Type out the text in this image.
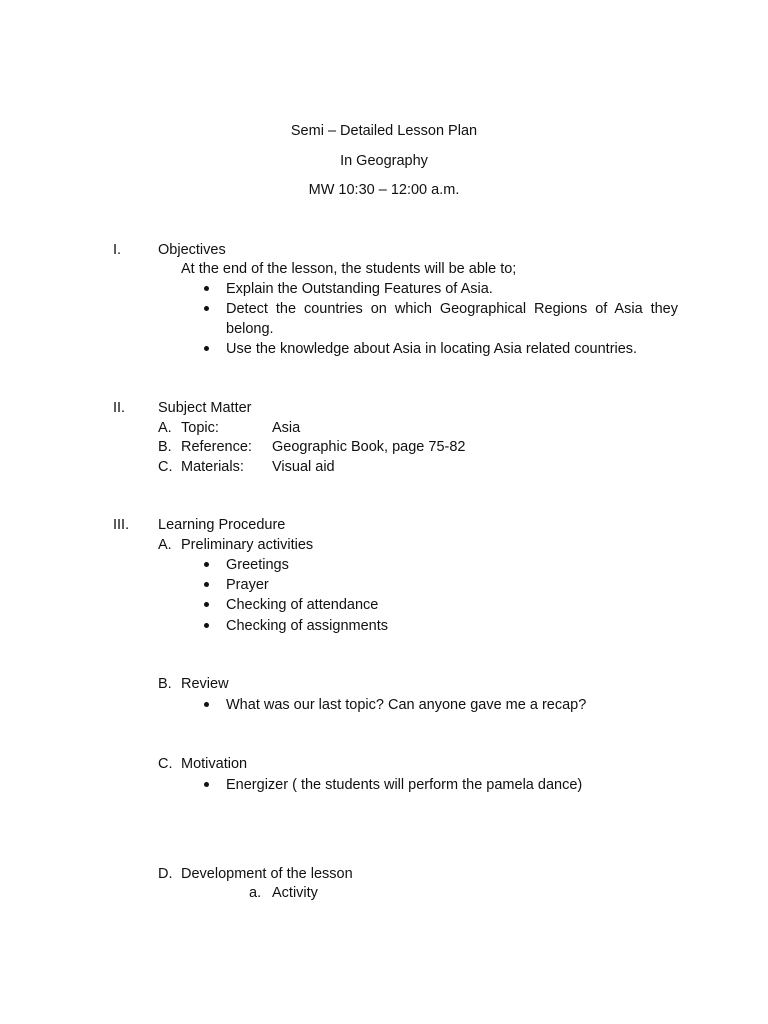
Semi – Detailed Lesson Plan
In Geography
MW 10:30 – 12:00 a.m.
I.	Objectives
At the end of the lesson, the students will be able to;
Explain the Outstanding Features of Asia.
Detect the countries on which Geographical Regions of Asia they
belong.
Use the knowledge about Asia in locating Asia related countries.
II. Subject Matter
A. Topic:	Asia
B. Reference: Geographic Book, page 75-82
C. Materials: Visual aid
III. Learning Procedure
A. Preliminary activities
Greetings
Prayer
Checking of attendance
Checking of assignments
B. Review
What was our last topic? Can anyone gave me a recap?
C. Motivation
Energizer ( the students will perform the pamela dance)
D. Development of the lesson
a. Activity
